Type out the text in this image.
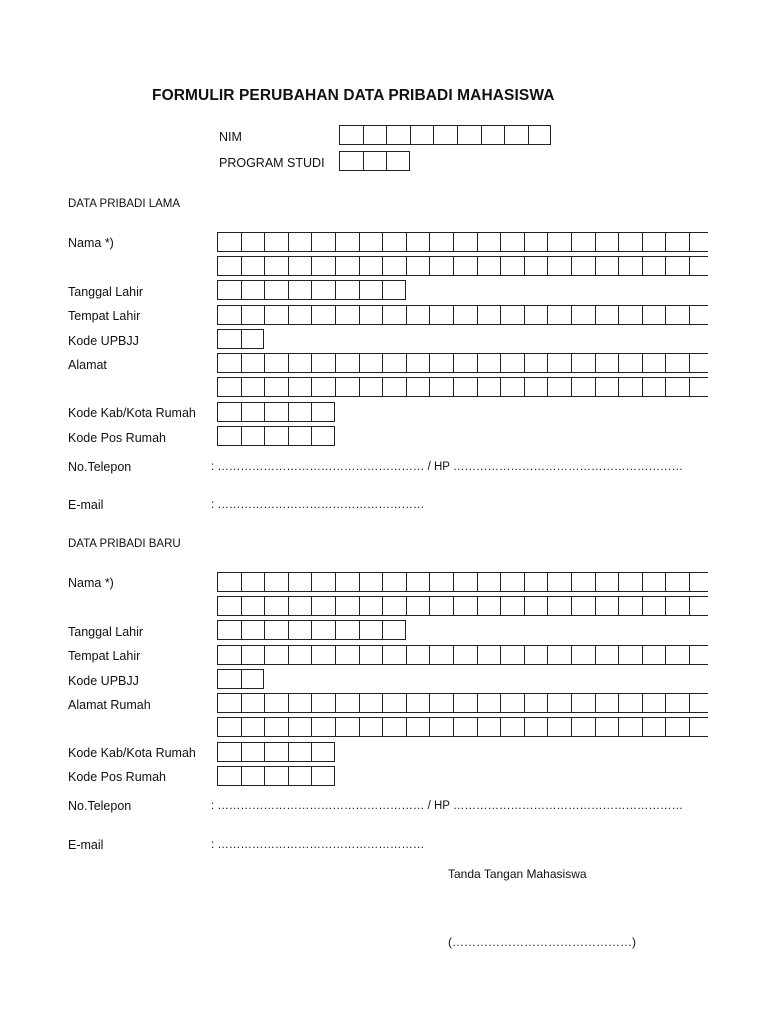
FORMULIR PERUBAHAN DATA PRIBADI MAHASISWA
NIM
PROGRAM STUDI
DATA PRIBADI LAMA
Nama *)
Tanggal Lahir
Tempat Lahir
Kode UPBJJ
Alamat
Kode Kab/Kota Rumah
Kode Pos Rumah
No.Telepon	: ……………………………………………… / HP ……………………………………………………
E-mail	: ………………………………………………
DATA PRIBADI BARU
Nama *)
Tanggal Lahir
Tempat Lahir
Kode UPBJJ
Alamat Rumah
Kode Kab/Kota Rumah
Kode Pos Rumah
No.Telepon	: ……………………………………………… / HP ……………………………………………………
E-mail	: ………………………………………………
Tanda Tangan Mahasiswa
(………………………………………)
